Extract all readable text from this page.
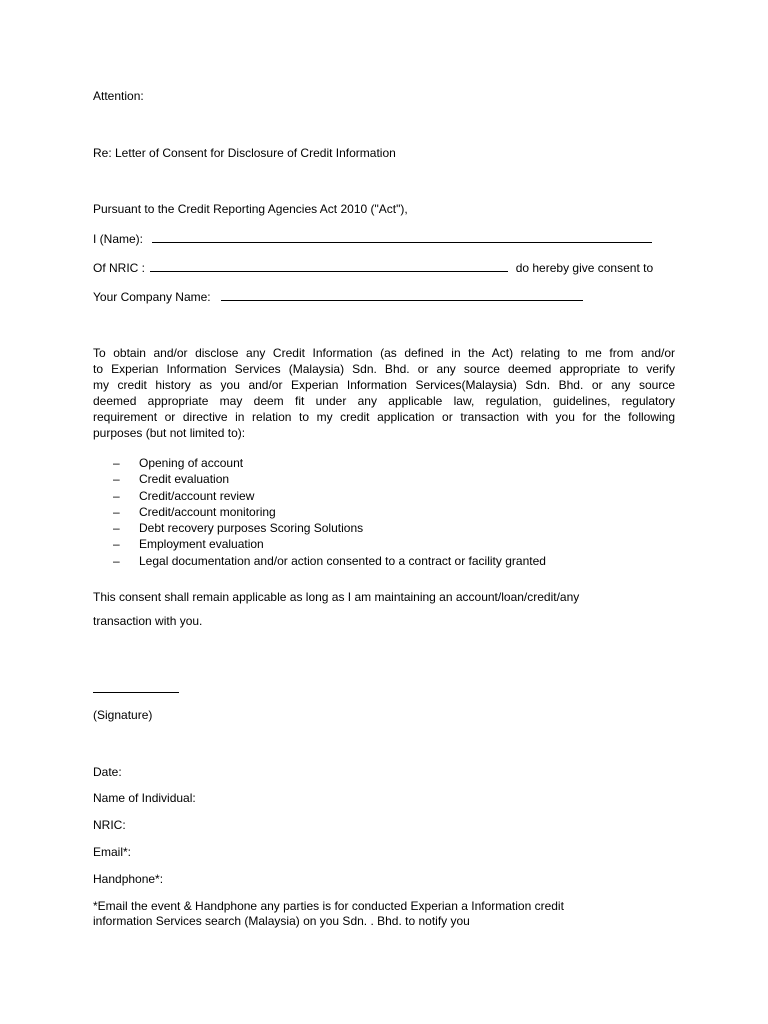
Attention:
Re: Letter of Consent for Disclosure of Credit Information
Pursuant to the Credit Reporting Agencies Act 2010 ("Act"),
I (Name):
Of NRIC :	do hereby give consent to
Your Company Name:
To obtain and/or disclose any Credit Information (as defined in the Act) relating to me from and/or
to Experian Information Services (Malaysia) Sdn. Bhd. or any source deemed appropriate to verify
my credit history as you and/or Experian Information Services(Malaysia) Sdn. Bhd. or any source
deemed appropriate may deem fit under any applicable law, regulation, guidelines, regulatory
requirement or directive in relation to my credit application or transaction with you for the following
purposes (but not limited to):
– Opening of account
– Credit evaluation
– Credit/account review
– Credit/account monitoring
– Debt recovery purposes Scoring Solutions
– Employment evaluation
– Legal documentation and/or action consented to a contract or facility granted
This consent shall remain applicable as long as I am maintaining an account/loan/credit/any
transaction with you.
(Signature)
Date:
Name of Individual:
NRIC:
Email*:
Handphone*:
*Email the event & Handphone any parties is for conducted Experian a Information credit
information Services search (Malaysia) on you Sdn. . Bhd. to notify you
